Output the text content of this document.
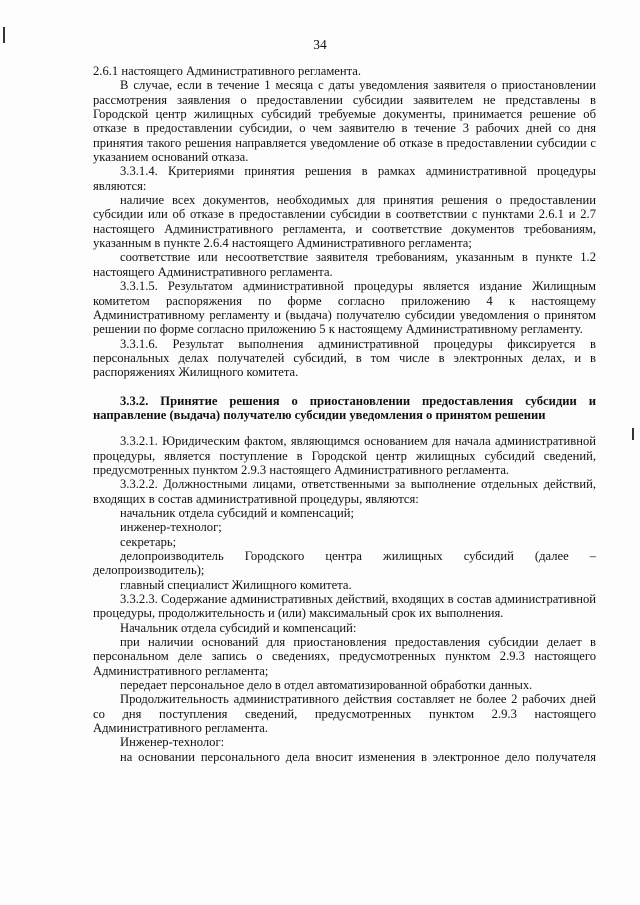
34

2.6.1 настоящего Административного регламента.

В случае, если в течение 1 месяца с даты уведомления заявителя о приостановлении рассмотрения заявления о предоставлении субсидии заявителем не представлены в Городской центр жилищных субсидий требуемые документы, принимается решение об отказе в предоставлении субсидии, о чем заявителю в течение 3 рабочих дней со дня принятия такого решения направляется уведомление об отказе в предоставлении субсидии с указанием оснований отказа.

3.3.1.4. Критериями принятия решения в рамках административной процедуры являются:

наличие всех документов, необходимых для принятия решения о предоставлении субсидии или об отказе в предоставлении субсидии в соответствии с пунктами 2.6.1 и 2.7 настоящего Административного регламента, и соответствие документов требованиям, указанным в пункте 2.6.4 настоящего Административного регламента;

соответствие или несоответствие заявителя требованиям, указанным в пункте 1.2 настоящего Административного регламента.

3.3.1.5. Результатом административной процедуры является издание Жилищным комитетом распоряжения по форме согласно приложению 4 к настоящему Административному регламенту и (выдача) получателю субсидии уведомления о принятом решении по форме согласно приложению 5 к настоящему Административному регламенту.

3.3.1.6. Результат выполнения административной процедуры фиксируется в персональных делах получателей субсидий, в том числе в электронных делах, и в распоряжениях Жилищного комитета.

3.3.2. Принятие решения о приостановлении предоставления субсидии и направление (выдача) получателю субсидии уведомления о принятом решении

3.3.2.1. Юридическим фактом, являющимся основанием для начала административной процедуры, является поступление в Городской центр жилищных субсидий сведений, предусмотренных пунктом 2.9.3 настоящего Административного регламента.

3.3.2.2. Должностными лицами, ответственными за выполнение отдельных действий, входящих в состав административной процедуры, являются:

начальник отдела субсидий и компенсаций;

инженер-технолог;

секретарь;

делопроизводитель Городского центра жилищных субсидий (далее – делопроизводитель);

главный специалист Жилищного комитета.

3.3.2.3. Содержание административных действий, входящих в состав административной процедуры, продолжительность и (или) максимальный срок их выполнения.

Начальник отдела субсидий и компенсаций:

при наличии оснований для приостановления предоставления субсидии делает в персональном деле запись о сведениях, предусмотренных пунктом 2.9.3 настоящего Административного регламента;

передает персональное дело в отдел автоматизированной обработки данных.

Продолжительность административного действия составляет не более 2 рабочих дней со дня поступления сведений, предусмотренных пунктом 2.9.3 настоящего Административного регламента.

Инженер-технолог:

на основании персонального дела вносит изменения в электронное дело получателя
